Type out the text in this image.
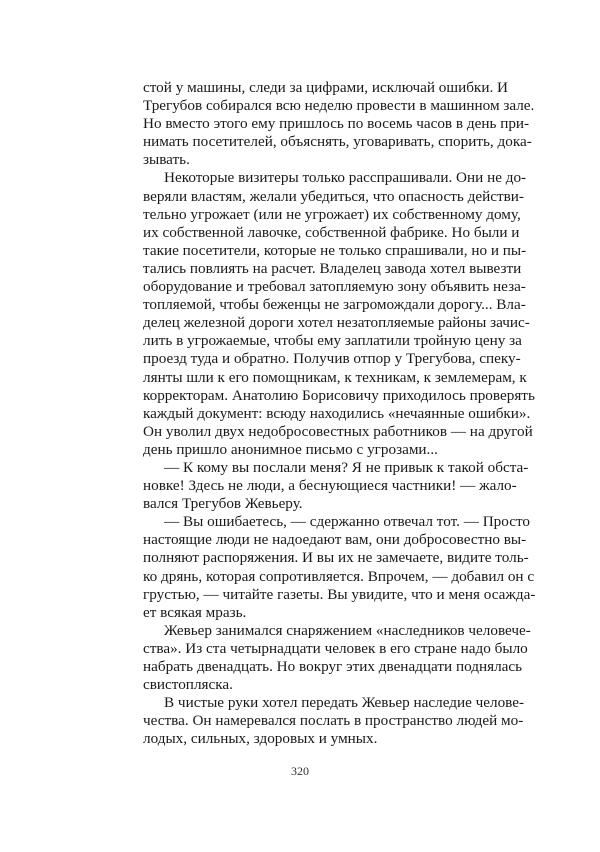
стой у машины, следи за цифрами, исключай ошибки. И
Трегубов собирался всю неделю провести в машинном зале.
Но вместо этого ему пришлось по восемь часов в день при-
нимать посетителей, объяснять, уговаривать, спорить, дока-
зывать.
Некоторые визитеры только расспрашивали. Они не до-
веряли властям, желали убедиться, что опасность действи-
тельно угрожает (или не угрожает) их собственному дому,
их собственной лавочке, собственной фабрике. Но были и
такие посетители, которые не только спрашивали, но и пы-
тались повлиять на расчет. Владелец завода хотел вывезти
оборудование и требовал затопляемую зону объявить неза-
топляемой, чтобы беженцы не загромождали дорогу... Вла-
делец железной дороги хотел незатопляемые районы зачис-
лить в угрожаемые, чтобы ему заплатили тройную цену за
проезд туда и обратно. Получив отпор у Трегубова, спеку-
лянты шли к его помощникам, к техникам, к землемерам, к
корректорам. Анатолию Борисовичу приходилось проверять
каждый документ: всюду находились «нечаянные ошибки».
Он уволил двух недобросовестных работников — на другой
день пришло анонимное письмо с угрозами...
— К кому вы послали меня? Я не привык к такой обста-
новке! Здесь не люди, а беснующиеся частники! — жало-
вался Трегубов Жевьеру.
— Вы ошибаетесь, — сдержанно отвечал тот. — Просто
настоящие люди не надоедают вам, они добросовестно вы-
полняют распоряжения. И вы их не замечаете, видите толь-
ко дрянь, которая сопротивляется. Впрочем, — добавил он с
грустью, — читайте газеты. Вы увидите, что и меня осаждa-
ет всякая мразь.
Жевьер занимался снаряжением «наследников человече-
ства». Из ста четырнадцати человек в его стране надо было
набрать двенадцать. Но вокруг этих двенадцати поднялась
свистопляска.
В чистые руки хотел передать Жевьер наследие челове-
чества. Он намеревался послать в пространство людей мо-
лодых, сильных, здоровых и умных.
320
